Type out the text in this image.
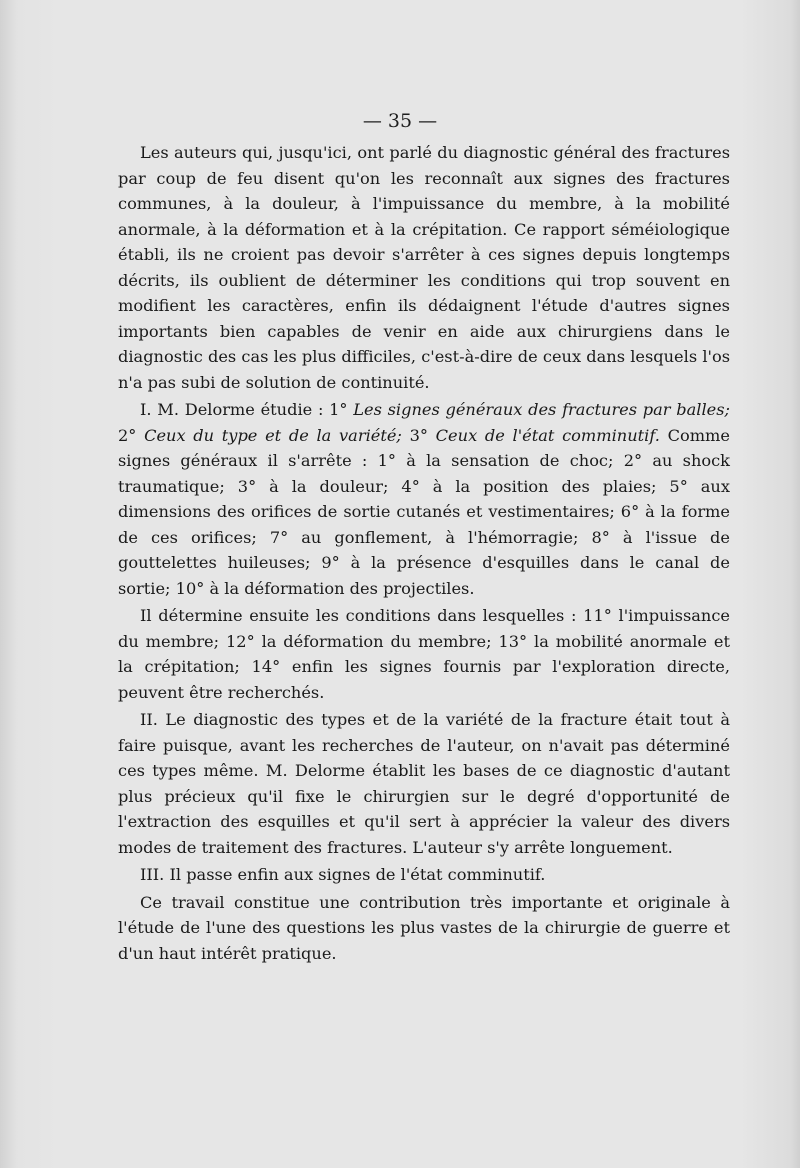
— 35 —

Les auteurs qui, jusqu'ici, ont parlé du diagnostic général des fractures par coup de feu disent qu'on les reconnaît aux signes des fractures communes, à la douleur, à l'impuissance du membre, à la mobilité anormale, à la déformation et à la crépitation. Ce rapport séméiologique établi, ils ne croient pas devoir s'arrêter à ces signes depuis longtemps décrits, ils oublient de déterminer les conditions qui trop souvent en modifient les caractères, enfin ils dédaignent l'étude d'autres signes importants bien capables de venir en aide aux chirurgiens dans le diagnostic des cas les plus difficiles, c'est-à-dire de ceux dans lesquels l'os n'a pas subi de solution de continuité.

I. M. Delorme étudie : 1° Les signes généraux des fractures par balles; 2° Ceux du type et de la variété; 3° Ceux de l'état comminutif. Comme signes généraux il s'arrête : 1° à la sensation de choc; 2° au shock traumatique; 3° à la douleur; 4° à la position des plaies; 5° aux dimensions des orifices de sortie cutanés et vestimentaires; 6° à la forme de ces orifices; 7° au gonflement, à l'hémorragie; 8° à l'issue de gouttelettes huileuses; 9° à la présence d'esquilles dans le canal de sortie; 10° à la déformation des projectiles.

Il détermine ensuite les conditions dans lesquelles : 11° l'impuissance du membre; 12° la déformation du membre; 13° la mobilité anormale et la crépitation; 14° enfin les signes fournis par l'exploration directe, peuvent être recherchés.

II. Le diagnostic des types et de la variété de la fracture était tout à faire puisque, avant les recherches de l'auteur, on n'avait pas déterminé ces types même. M. Delorme établit les bases de ce diagnostic d'autant plus précieux qu'il fixe le chirurgien sur le degré d'opportunité de l'extraction des esquilles et qu'il sert à apprécier la valeur des divers modes de traitement des fractures. L'auteur s'y arrête longuement.

III. Il passe enfin aux signes de l'état comminutif.

Ce travail constitue une contribution très importante et originale à l'étude de l'une des questions les plus vastes de la chirurgie de guerre et d'un haut intérêt pratique.
